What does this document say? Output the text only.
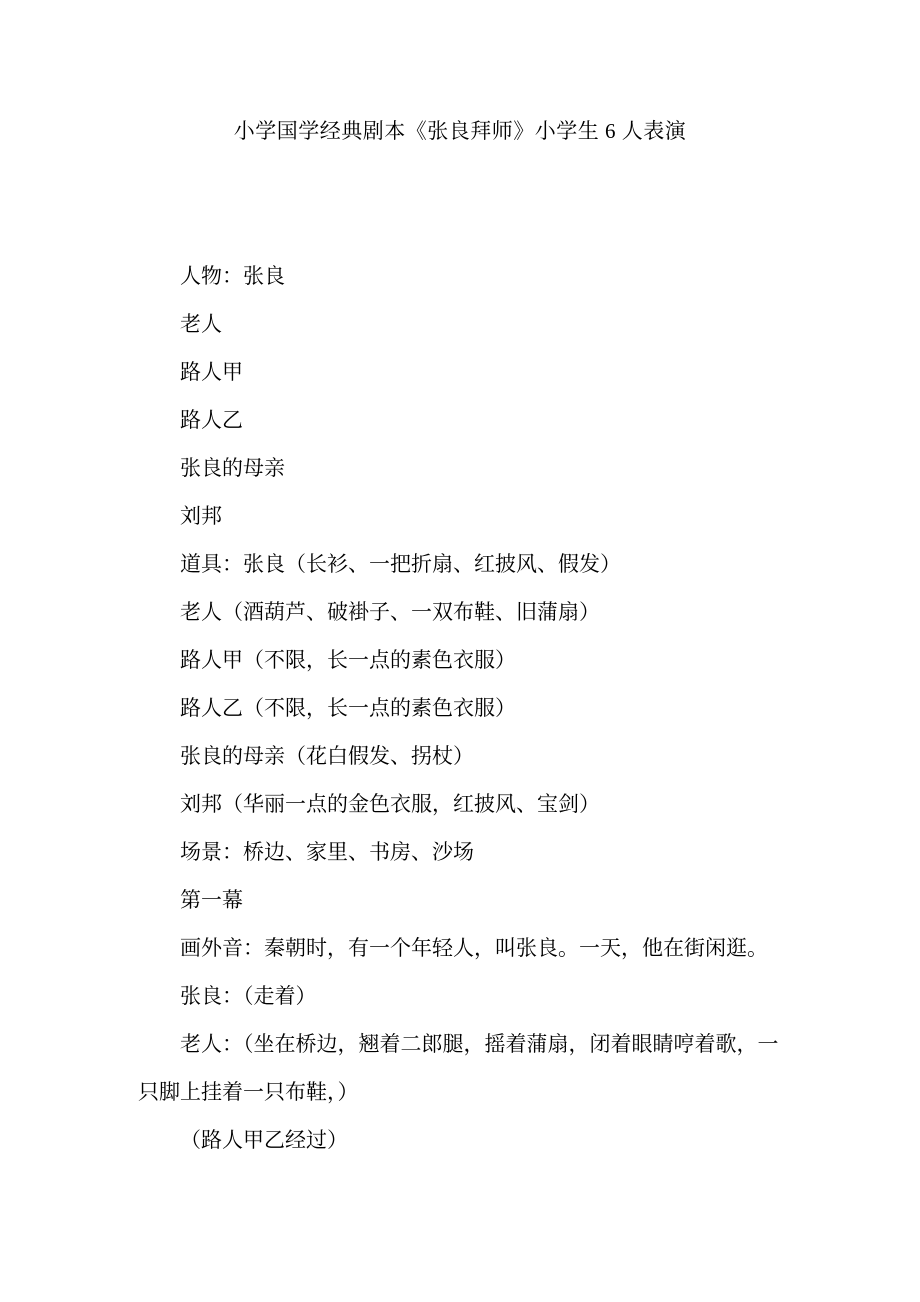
小学国学经典剧本《张良拜师》小学生 6 人表演

人物：张良

老人

路人甲

路人乙

张良的母亲

刘邦

道具：张良（长衫、一把折扇、红披风、假发）

老人（酒葫芦、破褂子、一双布鞋、旧蒲扇）

路人甲（不限，长一点的素色衣服）

路人乙（不限，长一点的素色衣服）

张良的母亲（花白假发、拐杖）

刘邦（华丽一点的金色衣服，红披风、宝剑）

场景：桥边、家里、书房、沙场

第一幕

画外音：秦朝时，有一个年轻人，叫张良。一天，他在街闲逛。

张良：（走着）

老人：（坐在桥边，翘着二郎腿，摇着蒲扇，闭着眼睛哼着歌，一只脚上挂着一只布鞋，）

（路人甲乙经过）
